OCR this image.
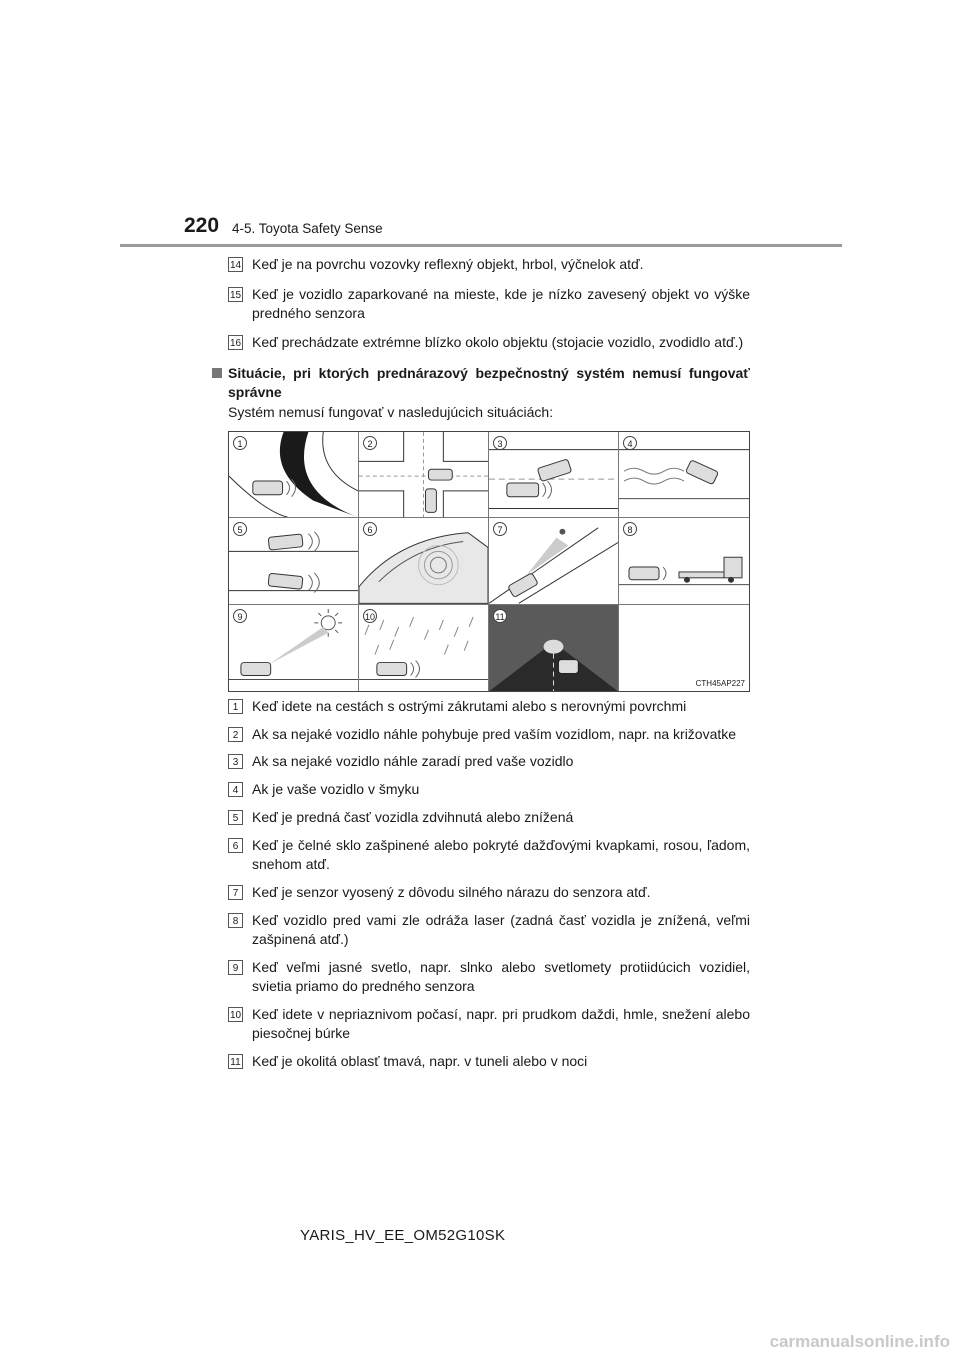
220 4-5. Toyota Safety Sense
14 Keď je na povrchu vozovky reflexný objekt, hrbol, výčnelok atď.
15 Keď je vozidlo zaparkované na mieste, kde je nízko zavesený objekt vo výške predného senzora
16 Keď prechádzate extrémne blízko okolo objektu (stojacie vozidlo, zvodidlo atď.)
Situácie, pri ktorých prednárazový bezpečnostný systém nemusí fungovať správne
Systém nemusí fungovať v nasledujúcich situáciách:
1	2	3	4
5	6	7	8
9	10	11
CTH45AP227
1 Keď idete na cestách s ostrými zákrutami alebo s nerovnými povrchmi
2 Ak sa nejaké vozidlo náhle pohybuje pred vaším vozidlom, napr. na križovatke
3 Ak sa nejaké vozidlo náhle zaradí pred vaše vozidlo
4 Ak je vaše vozidlo v šmyku
5 Keď je predná časť vozidla zdvihnutá alebo znížená
6 Keď je čelné sklo zašpinené alebo pokryté dažďovými kvapkami, rosou, ľadom, snehom atď.
7 Keď je senzor vyosený z dôvodu silného nárazu do senzora atď.
8 Keď vozidlo pred vami zle odráža laser (zadná časť vozidla je znížená, veľmi zašpinená atď.)
9 Keď veľmi jasné svetlo, napr. slnko alebo svetlomety protiidúcich vozidiel, svietia priamo do predného senzora
10 Keď idete v nepriaznivom počasí, napr. pri prudkom daždi, hmle, snežení alebo piesočnej búrke
11 Keď je okolitá oblasť tmavá, napr. v tuneli alebo v noci
YARIS_HV_EE_OM52G10SK
carmanualsonline.info
